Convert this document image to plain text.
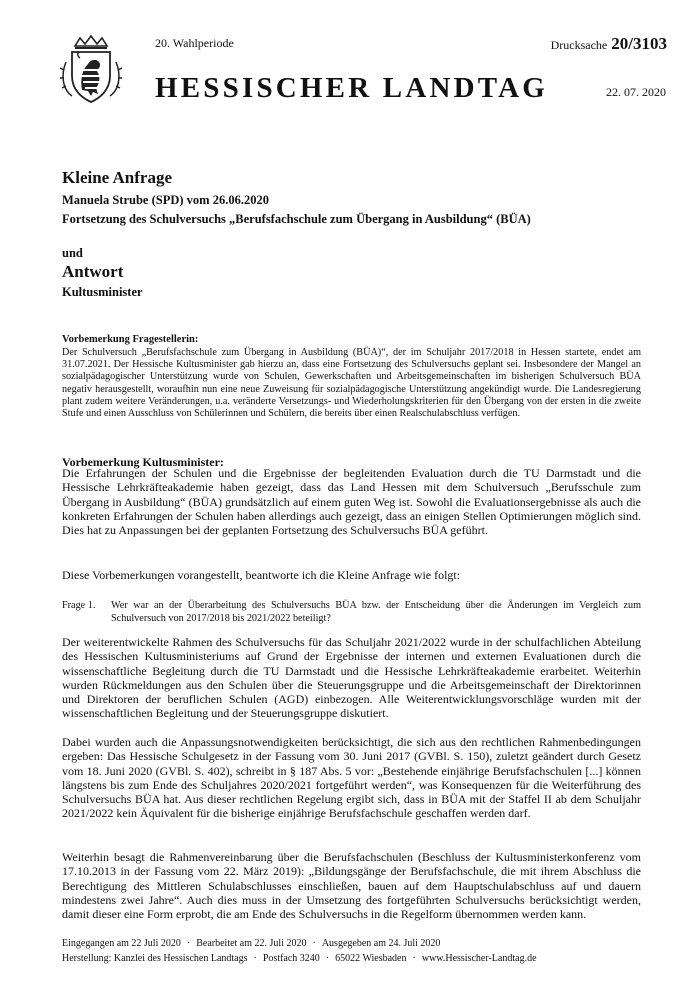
20. Wahlperiode	Drucksache 20/3103
HESSISCHER LANDTAG	22. 07. 2020
Kleine Anfrage
Manuela Strube (SPD) vom 26.06.2020
Fortsetzung des Schulversuchs „Berufsfachschule zum Übergang in Ausbildung“ (BÜA)
und
Antwort
Kultusminister
Vorbemerkung Fragestellerin:
Der Schulversuch „Berufsfachschule zum Übergang in Ausbildung (BÜA)“, der im Schuljahr 2017/2018 in Hessen startete, endet am 31.07.2021. Der Hessische Kultusminister gab hierzu an, dass eine Fortsetzung des Schulversuchs geplant sei. Insbesondere der Mangel an sozialpädagogischer Unterstützung wurde von Schulen, Gewerkschaften und Arbeitsgemeinschaften im bisherigen Schulversuch BÜA negativ herausgestellt, woraufhin nun eine neue Zuweisung für sozialpädagogische Unterstützung angekündigt wurde. Die Landesregierung plant zudem weitere Veränderungen, u.a. veränderte Versetzungs- und Wiederholungskriterien für den Übergang von der ersten in die zweite Stufe und einen Ausschluss von Schülerinnen und Schülern, die bereits über einen Realschulabschluss verfügen.
Vorbemerkung Kultusminister:
Die Erfahrungen der Schulen und die Ergebnisse der begleitenden Evaluation durch die TU Darmstadt und die Hessische Lehrkräfteakademie haben gezeigt, dass das Land Hessen mit dem Schulversuch „Berufsschule zum Übergang in Ausbildung“ (BÜA) grundsätzlich auf einem guten Weg ist. Sowohl die Evaluationsergebnisse als auch die konkreten Erfahrungen der Schulen haben allerdings auch gezeigt, dass an einigen Stellen Optimierungen möglich sind. Dies hat zu Anpassungen bei der geplanten Fortsetzung des Schulversuchs BÜA geführt.
Diese Vorbemerkungen vorangestellt, beantworte ich die Kleine Anfrage wie folgt:
Frage 1.	Wer war an der Überarbeitung des Schulversuchs BÜA bzw. der Entscheidung über die Änderungen im Vergleich zum Schulversuch von 2017/2018 bis 2021/2022 beteiligt?
Der weiterentwickelte Rahmen des Schulversuchs für das Schuljahr 2021/2022 wurde in der schulfachlichen Abteilung des Hessischen Kultusministeriums auf Grund der Ergebnisse der internen und externen Evaluationen durch die wissenschaftliche Begleitung durch die TU Darmstadt und die Hessische Lehrkräfteakademie erarbeitet. Weiterhin wurden Rückmeldungen aus den Schulen über die Steuerungsgruppe und die Arbeitsgemeinschaft der Direktorinnen und Direktoren der beruflichen Schulen (AGD) einbezogen. Alle Weiterentwicklungsvorschläge wurden mit der wissenschaftlichen Begleitung und der Steuerungsgruppe diskutiert.
Dabei wurden auch die Anpassungsnotwendigkeiten berücksichtigt, die sich aus den rechtlichen Rahmenbedingungen ergeben: Das Hessische Schulgesetz in der Fassung vom 30. Juni 2017 (GVBl. S. 150), zuletzt geändert durch Gesetz vom 18. Juni 2020 (GVBl. S. 402), schreibt in § 187 Abs. 5 vor: „Bestehende einjährige Berufsfachschulen [...] können längstens bis zum Ende des Schuljahres 2020/2021 fortgeführt werden“, was Konsequenzen für die Weiterführung des Schulversuchs BÜA hat. Aus dieser rechtlichen Regelung ergibt sich, dass in BÜA mit der Staffel II ab dem Schuljahr 2021/2022 kein Äquivalent für die bisherige einjährige Berufsfachschule geschaffen werden darf.
Weiterhin besagt die Rahmenvereinbarung über die Berufsfachschulen (Beschluss der Kultusministerkonferenz vom 17.10.2013 in der Fassung vom 22. März 2019): „Bildungsgänge der Berufsfachschule, die mit ihrem Abschluss die Berechtigung des Mittleren Schulabschlusses einschließen, bauen auf dem Hauptschulabschluss auf und dauern mindestens zwei Jahre“. Auch dies muss in der Umsetzung des fortgeführten Schulversuchs berücksichtigt werden, damit dieser eine Form erprobt, die am Ende des Schulversuchs in die Regelform übernommen werden kann.
Eingegangen am 22 Juli 2020 · Bearbeitet am 22. Juli 2020 · Ausgegeben am 24. Juli 2020
Herstellung: Kanzlei des Hessischen Landtags · Postfach 3240 · 65022 Wiesbaden · www.Hessischer-Landtag.de
